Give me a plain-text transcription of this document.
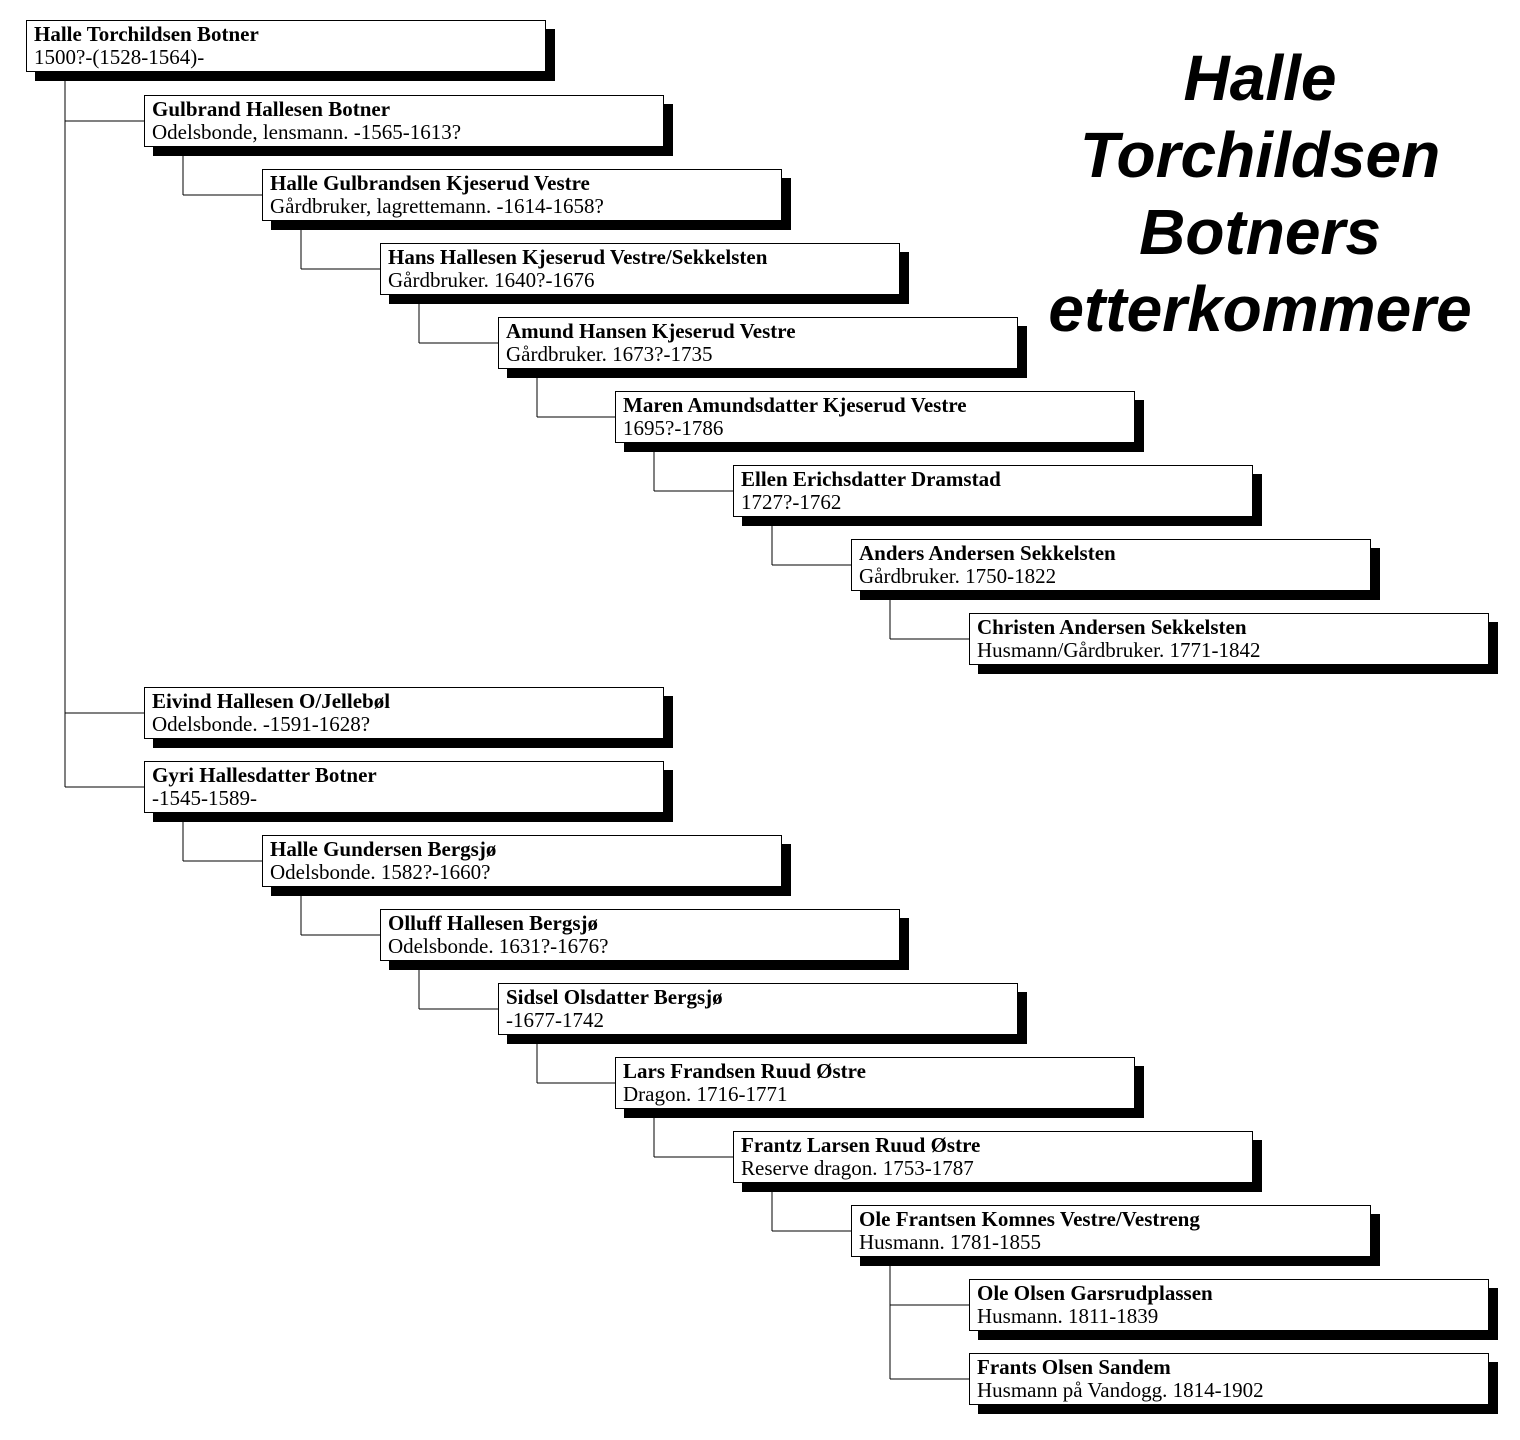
Halle
Torchildsen
Botners
etterkommere
Halle Torchildsen Botner
1500?-(1528-1564)-
Gulbrand Hallesen Botner
Odelsbonde, lensmann. -1565-1613?
Halle Gulbrandsen Kjeserud Vestre
Gårdbruker, lagrettemann. -1614-1658?
Hans Hallesen Kjeserud Vestre/Sekkelsten
Gårdbruker. 1640?-1676
Amund Hansen Kjeserud Vestre
Gårdbruker. 1673?-1735
Maren Amundsdatter Kjeserud Vestre
1695?-1786
Ellen Erichsdatter Dramstad
1727?-1762
Anders Andersen Sekkelsten
Gårdbruker. 1750-1822
Christen Andersen Sekkelsten
Husmann/Gårdbruker. 1771-1842
Eivind Hallesen O/Jellebøl
Odelsbonde. -1591-1628?
Gyri Hallesdatter Botner
-1545-1589-
Halle Gundersen Bergsjø
Odelsbonde. 1582?-1660?
Olluff Hallesen Bergsjø
Odelsbonde. 1631?-1676?
Sidsel Olsdatter Bergsjø
-1677-1742
Lars Frandsen Ruud Østre
Dragon. 1716-1771
Frantz Larsen Ruud Østre
Reserve dragon. 1753-1787
Ole Frantsen Komnes Vestre/Vestreng
Husmann. 1781-1855
Ole Olsen Garsrudplassen
Husmann. 1811-1839
Frants Olsen Sandem
Husmann på Vandogg. 1814-1902
